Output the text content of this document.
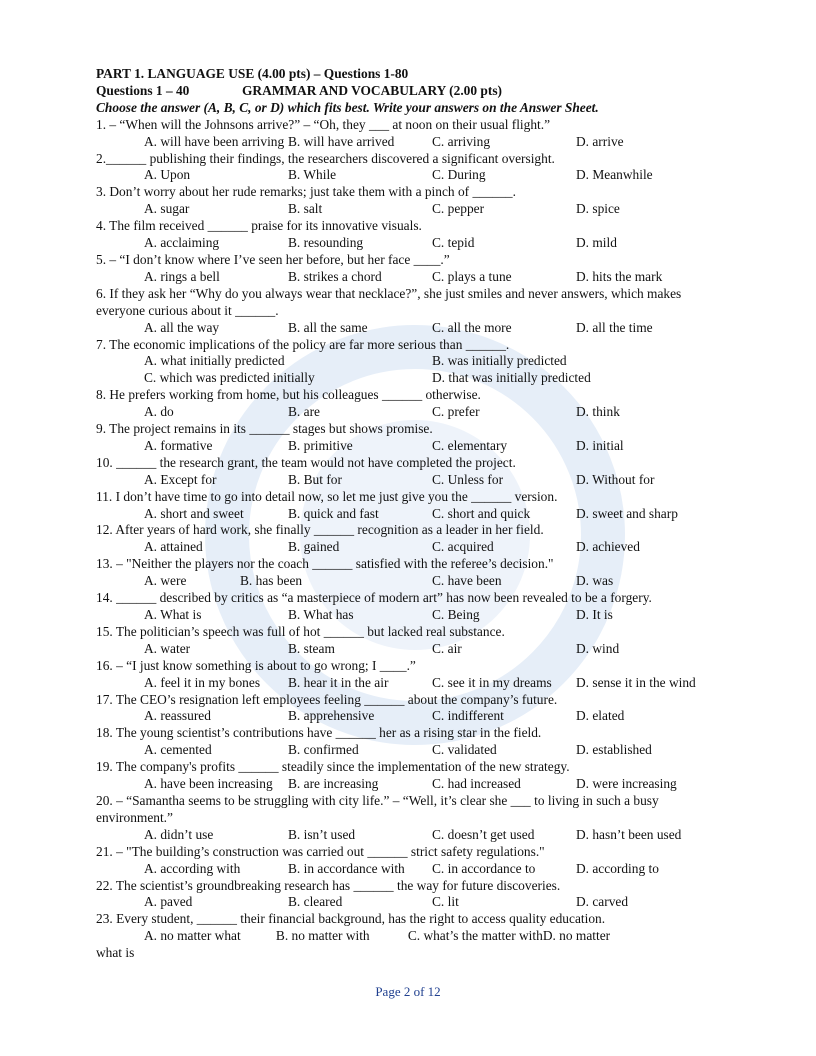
PART 1. LANGUAGE USE (4.00 pts) – Questions 1-80
Questions 1 – 40	GRAMMAR AND VOCABULARY (2.00 pts)
Choose the answer (A, B, C, or D) which fits best. Write your answers on the Answer Sheet.
1. – “When will the Johnsons arrive?” – “Oh, they ___ at noon on their usual flight.”
A. will have been arriving B. will have arrived	C. arriving	D. arrive
2.______ publishing their findings, the researchers discovered a significant oversight.
A. Upon	B. While	C. During	D. Meanwhile
3. Don’t worry about her rude remarks; just take them with a pinch of ______.
A. sugar	B. salt	C. pepper	D. spice
4. The film received ______ praise for its innovative visuals.
A. acclaiming	B. resounding	C. tepid	D. mild
5. – “I don’t know where I’ve seen her before, but her face ____.”
A. rings a bell	B. strikes a chord	C. plays a tune	D. hits the mark
6. If they ask her “Why do you always wear that necklace?”, she just smiles and never answers, which makes everyone curious about it ______.
A. all the way	B. all the same	C. all the more	D. all the time
7. The economic implications of the policy are far more serious than ______.
A. what initially predicted	B. was initially predicted
C. which was predicted initially	D. that was initially predicted
8. He prefers working from home, but his colleagues ______ otherwise.
A. do	B. are	C. prefer	D. think
9. The project remains in its ______ stages but shows promise.
A. formative	B. primitive	C. elementary	D. initial
10. ______ the research grant, the team would not have completed the project.
A. Except for	B. But for	C. Unless for	D. Without for
11. I don’t have time to go into detail now, so let me just give you the ______ version.
A. short and sweet	B. quick and fast	C. short and quick	D. sweet and sharp
12. After years of hard work, she finally ______ recognition as a leader in her field.
A. attained	B. gained	C. acquired	D. achieved
13. – "Neither the players nor the coach ______ satisfied with the referee’s decision."
A. were	B. has been	C. have been	D. was
14. ______ described by critics as “a masterpiece of modern art” has now been revealed to be a forgery.
A. What is	B. What has	C. Being	D. It is
15. The politician’s speech was full of hot ______ but lacked real substance.
A. water	B. steam	C. air	D. wind
16. – “I just know something is about to go wrong; I ____.”
A. feel it in my bones	B. hear it in the air	C. see it in my dreams	D. sense it in the wind
17. The CEO’s resignation left employees feeling ______ about the company’s future.
A. reassured	B. apprehensive	C. indifferent	D. elated
18. The young scientist’s contributions have ______ her as a rising star in the field.
A. cemented	B. confirmed	C. validated	D. established
19. The company's profits ______ steadily since the implementation of the new strategy.
A. have been increasing	B. are increasing	C. had increased	D. were increasing
20. – “Samantha seems to be struggling with city life.” – “Well, it’s clear she ___ to living in such a busy environment.”
A. didn’t use	B. isn’t used	C. doesn’t get used	D. hasn’t been used
21. – "The building’s construction was carried out ______ strict safety regulations."
A. according with	B. in accordance with	C. in accordance to	D. according to
22. The scientist’s groundbreaking research has ______ the way for future discoveries.
A. paved	B. cleared	C. lit	D. carved
23. Every student, ______ their financial background, has the right to access quality education.
A. no matter what	B. no matter with	C. what’s the matter with D. no matter
what is
Page 2 of 12
